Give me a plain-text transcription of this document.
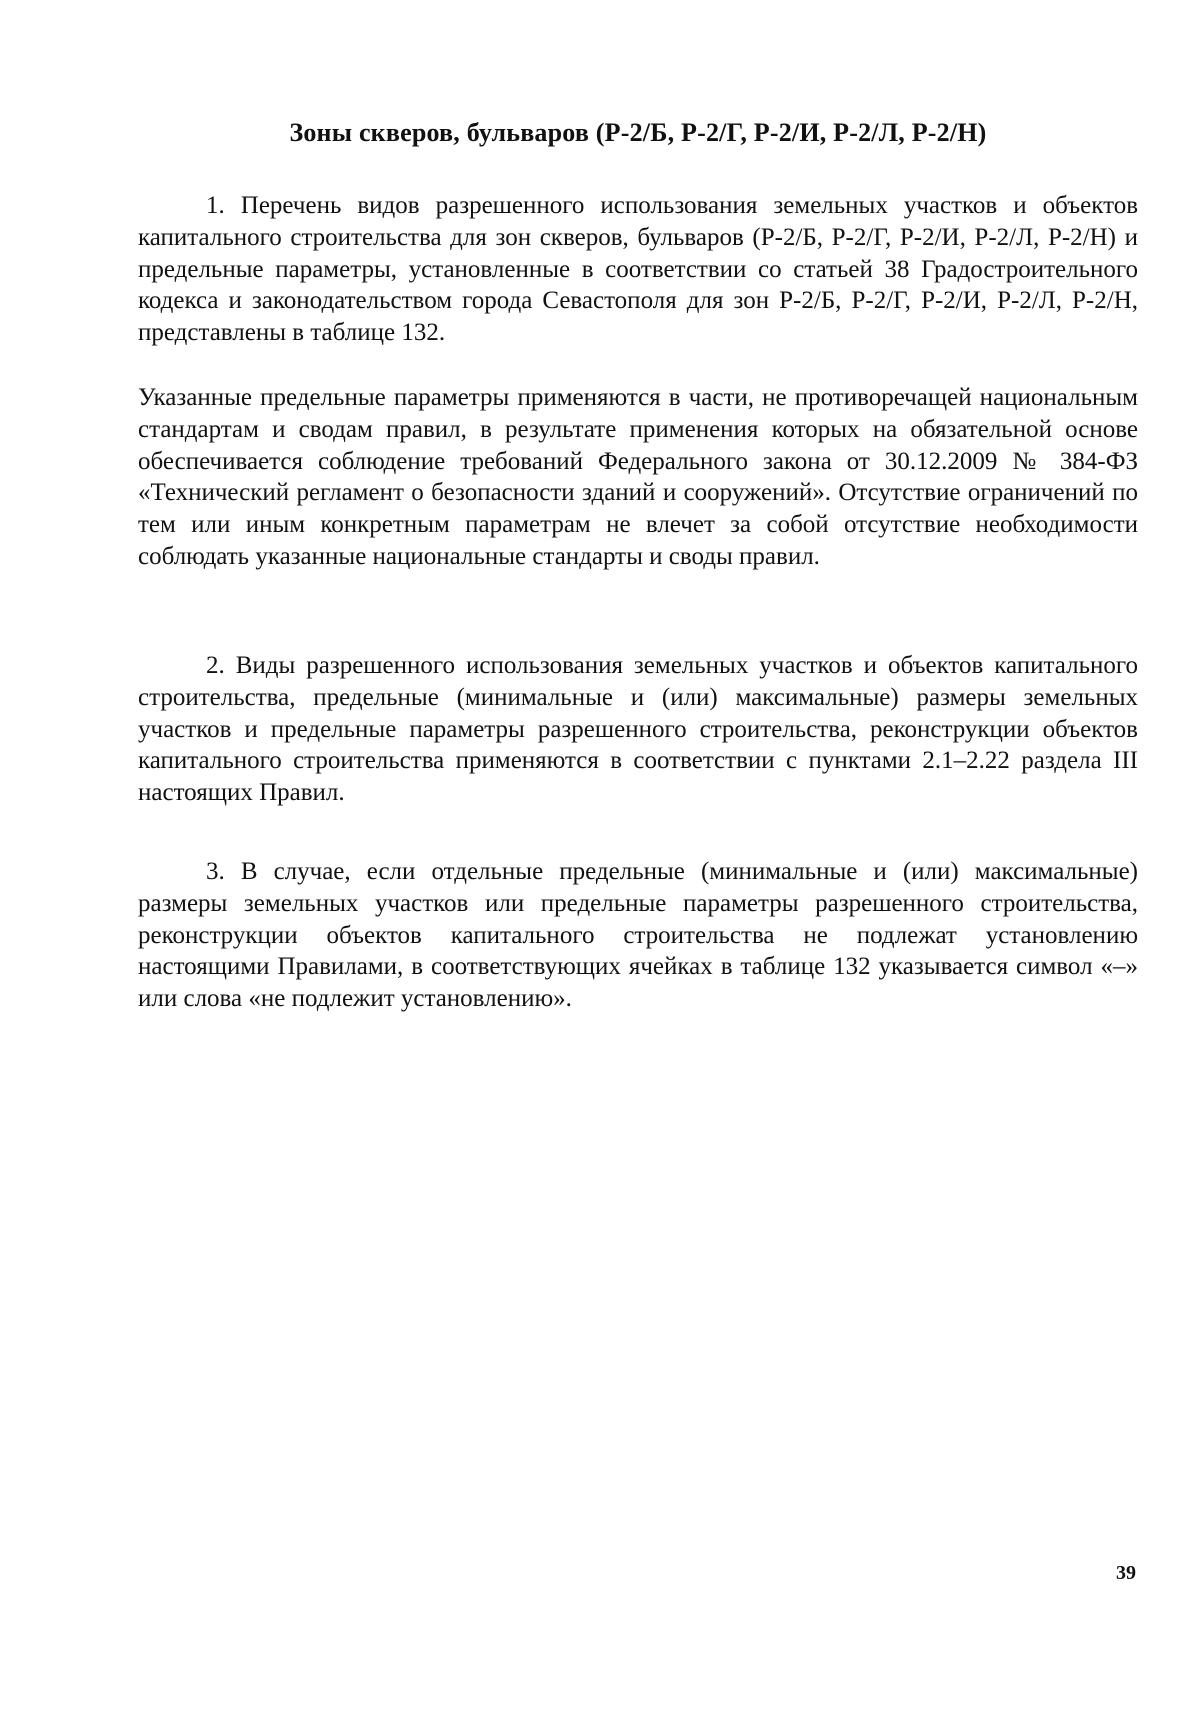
Зоны скверов, бульваров (Р-2/Б, Р-2/Г, Р-2/И, Р-2/Л, Р-2/Н)

1. Перечень видов разрешенного использования земельных участков и объектов капитального строительства для зон скверов, бульваров (Р-2/Б, Р-2/Г, Р-2/И, Р-2/Л, Р-2/Н) и предельные параметры, установленные в соответствии со статьей 38 Градостроительного кодекса и законодательством города Севастополя для зон Р-2/Б, Р-2/Г, Р-2/И, Р-2/Л, Р-2/Н, представлены в таблице 132.

Указанные предельные параметры применяются в части, не противоречащей национальным стандартам и сводам правил, в результате применения которых на обязательной основе обеспечивается соблюдение требований Федерального закона от 30.12.2009 № 384-ФЗ «Технический регламент о безопасности зданий и сооружений». Отсутствие ограничений по тем или иным конкретным параметрам не влечет за собой отсутствие необходимости соблюдать указанные национальные стандарты и своды правил.

2. Виды разрешенного использования земельных участков и объектов капитального строительства, предельные (минимальные и (или) максимальные) размеры земельных участков и предельные параметры разрешенного строительства, реконструкции объектов капитального строительства применяются в соответствии с пунктами 2.1–2.22 раздела III настоящих Правил.

3. В случае, если отдельные предельные (минимальные и (или) максимальные) размеры земельных участков или предельные параметры разрешенного строительства, реконструкции объектов капитального строительства не подлежат установлению настоящими Правилами, в соответствующих ячейках в таблице 132 указывается символ «–» или слова «не подлежит установлению».

39
